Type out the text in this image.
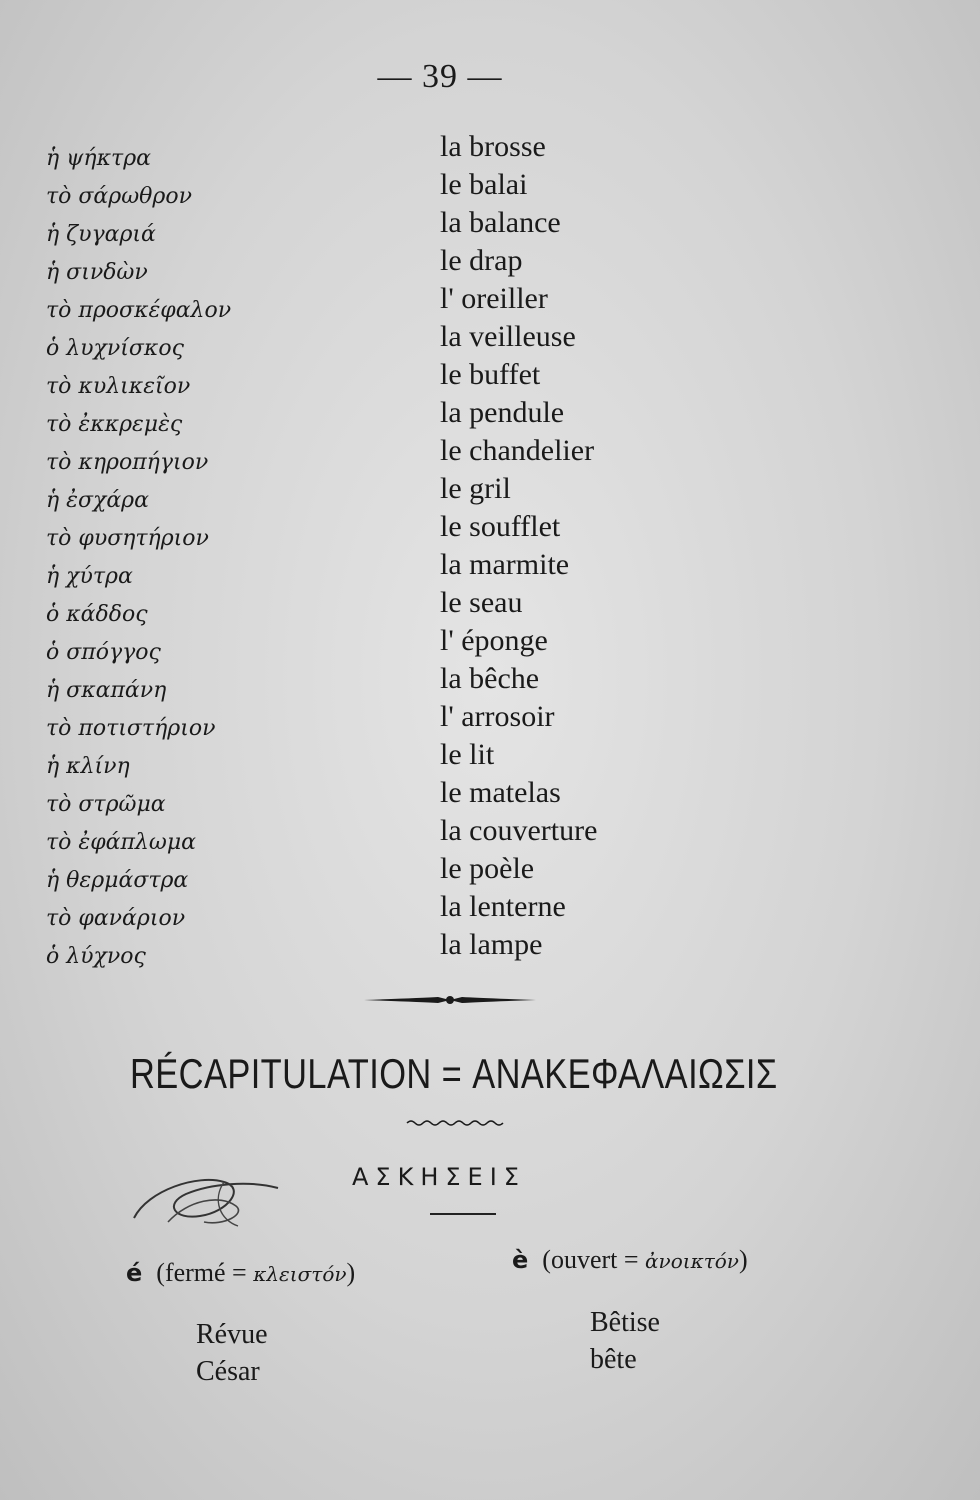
— 39 —
ἡ ψήκτρα
τὸ σάρωθρον
ἡ ζυγαριά
ἡ σινδὼν
τὸ προσκέφαλον
ὁ λυχνίσκος
τὸ κυλικεῖον
τὸ ἐκκρεμὲς
τὸ κηροπήγιον
ἡ ἐσχάρα
τὸ φυσητήριον
ἡ χύτρα
ὁ κάδδος
ὁ σπόγγος
ἡ σκαπάνη
τὸ ποτιστήριον
ἡ κλίνη
τὸ στρῶμα
τὸ ἐφάπλωμα
ἡ θερμάστρα
τὸ φανάριον
ὁ λύχνος
la brosse
le balai
la balance
le drap
l' oreiller
la veilleuse
le buffet
la pendule
le chandelier
le gril
le soufflet
la marmite
le seau
l' éponge
la bêche
l' arrosoir
le lit
le matelas
la couverture
le poèle
la lenterne
la lampe
RÉCAPITULATION = ΑΝΑΚΕΦΑΛΑΙΩΣΙΣ
ΑΣΚΗΣΕΙΣ
é (fermé = κλειστόν)	è (ouvert = ἀνοικτόν)
Révue
César
Bêtise
bête
